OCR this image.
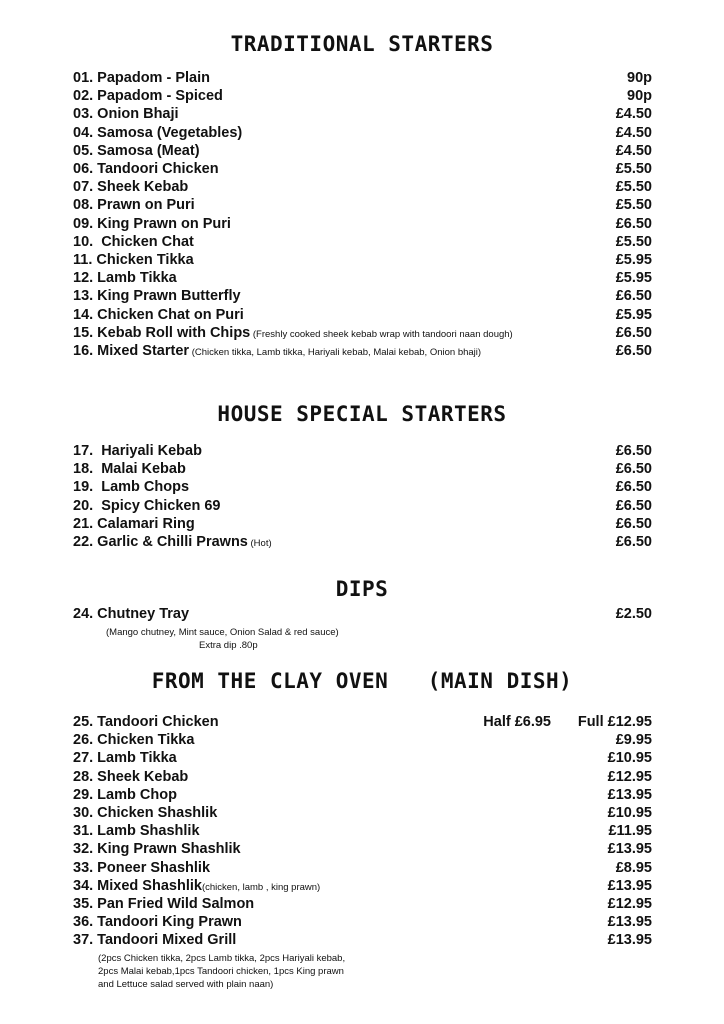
TRADITIONAL STARTERS
01. Papadom - Plain	90p
02. Papadom - Spiced	90p
03. Onion Bhaji	£4.50
04. Samosa (Vegetables)	£4.50
05. Samosa (Meat)	£4.50
06. Tandoori Chicken	£5.50
07. Sheek Kebab	£5.50
08. Prawn on Puri	£5.50
09. King Prawn on Puri	£6.50
10.  Chicken Chat	£5.50
11. Chicken Tikka	£5.95
12. Lamb Tikka	£5.95
13. King Prawn Butterfly	£6.50
14. Chicken Chat on Puri	£5.95
15. Kebab Roll with Chips (Freshly cooked sheek kebab wrap with tandoori naan dough)	£6.50
16. Mixed Starter (Chicken tikka, Lamb tikka, Hariyali kebab, Malai kebab, Onion bhaji)	£6.50
HOUSE SPECIAL STARTERS
17.  Hariyali Kebab	£6.50
18.  Malai Kebab	£6.50
19.  Lamb Chops	£6.50
20.  Spicy Chicken 69	£6.50
21. Calamari Ring	£6.50
22. Garlic & Chilli Prawns (Hot)	£6.50
DIPS
24. Chutney Tray	£2.50
(Mango chutney, Mint sauce, Onion Salad & red sauce)
Extra dip .80p
FROM THE CLAY OVEN   (MAIN DISH)
25. Tandoori Chicken	Half £6.95 Full £12.95
26. Chicken Tikka	£9.95
27. Lamb Tikka	£10.95
28. Sheek Kebab	£12.95
29. Lamb Chop	£13.95
30. Chicken Shashlik	£10.95
31. Lamb Shashlik	£11.95
32. King Prawn Shashlik	£13.95
33. Poneer Shashlik	£8.95
34. Mixed Shashlik(chicken, lamb , king prawn)	£13.95
35. Pan Fried Wild Salmon	£12.95
36. Tandoori King Prawn	£13.95
37. Tandoori Mixed Grill	£13.95
(2pcs Chicken tikka, 2pcs Lamb tikka, 2pcs Hariyali kebab,
2pcs Malai kebab,1pcs Tandoori chicken, 1pcs King prawn
and Lettuce salad served with plain naan)
